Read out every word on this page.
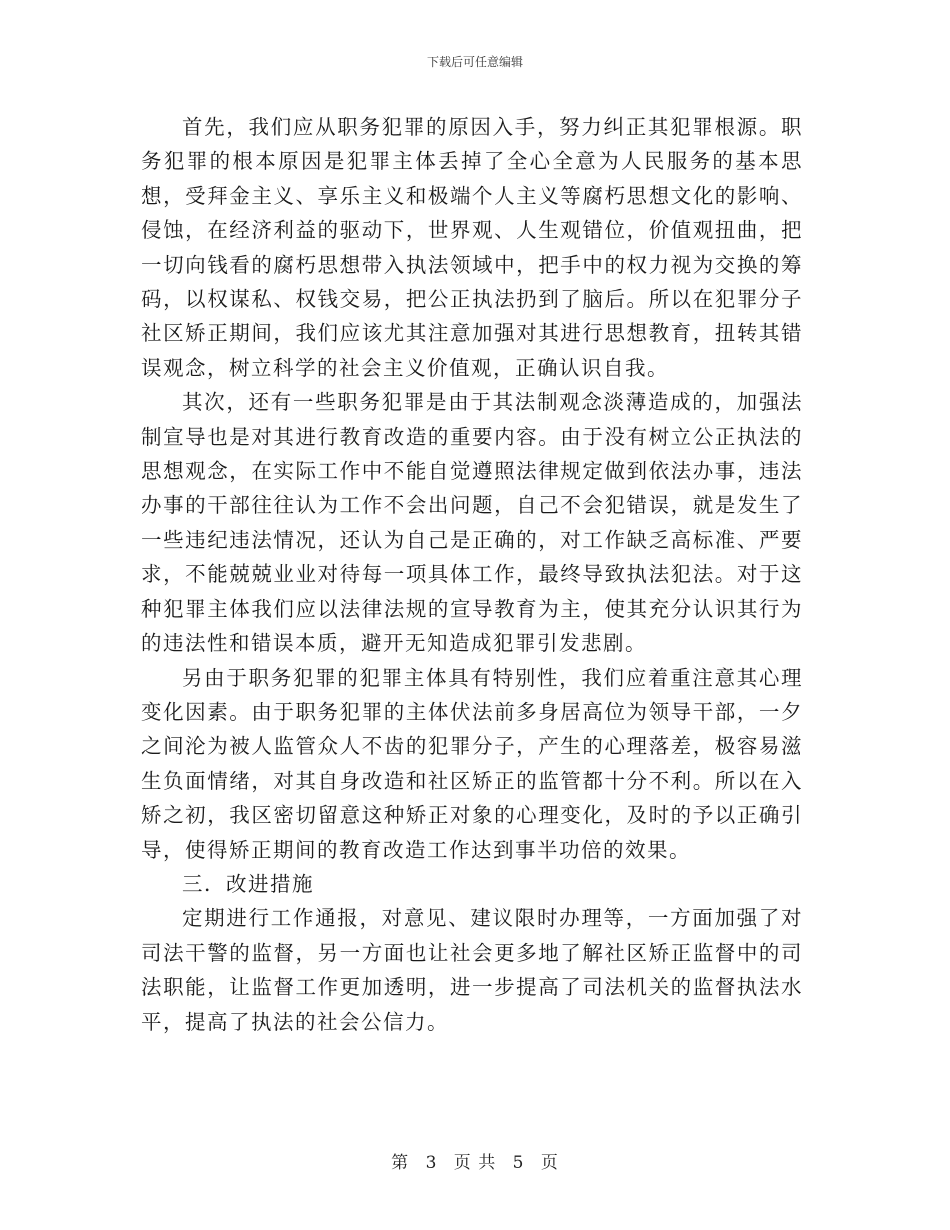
下载后可任意编辑

首先，我们应从职务犯罪的原因入手，努力纠正其犯罪根源。职务犯罪的根本原因是犯罪主体丢掉了全心全意为人民服务的基本思想，受拜金主义、享乐主义和极端个人主义等腐朽思想文化的影响、侵蚀，在经济利益的驱动下，世界观、人生观错位，价值观扭曲，把一切向钱看的腐朽思想带入执法领域中，把手中的权力视为交换的筹码，以权谋私、权钱交易，把公正执法扔到了脑后。所以在犯罪分子社区矫正期间，我们应该尤其注意加强对其进行思想教育，扭转其错误观念，树立科学的社会主义价值观，正确认识自我。

其次，还有一些职务犯罪是由于其法制观念淡薄造成的，加强法制宣导也是对其进行教育改造的重要内容。由于没有树立公正执法的思想观念，在实际工作中不能自觉遵照法律规定做到依法办事，违法办事的干部往往认为工作不会出问题，自己不会犯错误，就是发生了一些违纪违法情况，还认为自己是正确的，对工作缺乏高标准、严要求，不能兢兢业业对待每一项具体工作，最终导致执法犯法。对于这种犯罪主体我们应以法律法规的宣导教育为主，使其充分认识其行为的违法性和错误本质，避开无知造成犯罪引发悲剧。

另由于职务犯罪的犯罪主体具有特别性，我们应着重注意其心理变化因素。由于职务犯罪的主体伏法前多身居高位为领导干部，一夕之间沦为被人监管众人不齿的犯罪分子，产生的心理落差，极容易滋生负面情绪，对其自身改造和社区矫正的监管都十分不利。所以在入矫之初，我区密切留意这种矫正对象的心理变化，及时的予以正确引导，使得矫正期间的教育改造工作达到事半功倍的效果。

三．改进措施

定期进行工作通报，对意见、建议限时办理等，一方面加强了对司法干警的监督，另一方面也让社会更多地了解社区矫正监督中的司法职能，让监督工作更加透明，进一步提高了司法机关的监督执法水平，提高了执法的社会公信力。

第 3 页 共 5 页
